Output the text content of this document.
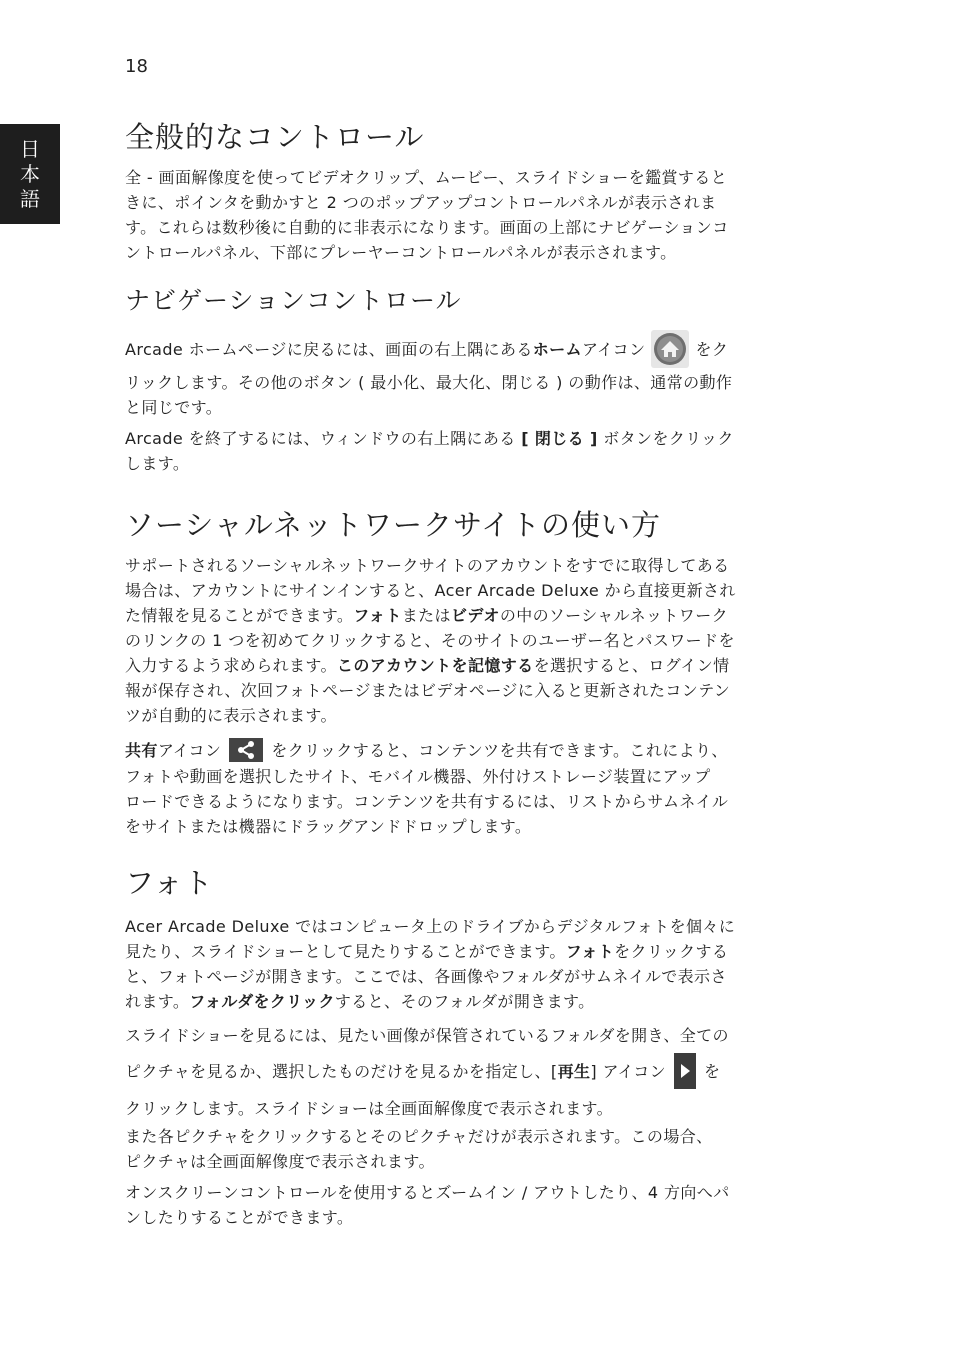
18
日
本
語
全般的なコントロール
全 - 画面解像度を使ってビデオクリップ、ムービー、スライドショーを鑑賞すると
きに、ポインタを動かすと 2 つのポップアップコントロールパネルが表示されま
す。これらは数秒後に自動的に非表示になります。画面の上部にナビゲーションコ
ントロールパネル、下部にプレーヤーコントロールパネルが表示されます。
ナビゲーションコントロール
Arcade ホームページに戻るには、画面の右上隅にあるホームアイコン	をク
リックします。その他のボタン ( 最小化、最大化、閉じる ) の動作は、通常の動作
と同じです。
Arcade を終了するには、ウィンドウの右上隅にある [ 閉じる ] ボタンをクリック
します。
ソーシャルネットワークサイトの使い方
サポートされるソーシャルネットワークサイトのアカウントをすでに取得してある
場合は、アカウントにサインインすると、Acer Arcade Deluxe から直接更新され
た情報を見ることができます。フォトまたはビデオの中のソーシャルネットワーク
のリンクの 1 つを初めてクリックすると、そのサイトのユーザー名とパスワードを
入力するよう求められます。このアカウントを記憶するを選択すると、ログイン情
報が保存され、次回フォトページまたはビデオページに入ると更新されたコンテン
ツが自動的に表示されます。
共有アイコン	をクリックすると、コンテンツを共有できます。これにより、
フォトや動画を選択したサイト、モバイル機器、外付けストレージ装置にアップ
ロードできるようになります。コンテンツを共有するには、リストからサムネイル
をサイトまたは機器にドラッグアンドドロップします。
フォト
Acer Arcade Deluxe ではコンピュータ上のドライブからデジタルフォトを個々に
見たり、スライドショーとして見たりすることができます。フォトをクリックする
と、フォトページが開きます。ここでは、各画像やフォルダがサムネイルで表示さ
れます。フォルダをクリックすると、そのフォルダが開きます。
スライドショーを見るには、見たい画像が保管されているフォルダを開き、全ての
ピクチャを見るか、選択したものだけを見るかを指定し、[再生] アイコン を
クリックします。スライドショーは全画面解像度で表示されます。
また各ピクチャをクリックするとそのピクチャだけが表示されます。この場合、
ピクチャは全画面解像度で表示されます。
オンスクリーンコントロールを使用するとズームイン / アウトしたり、4 方向へパ
ンしたりすることができます。
